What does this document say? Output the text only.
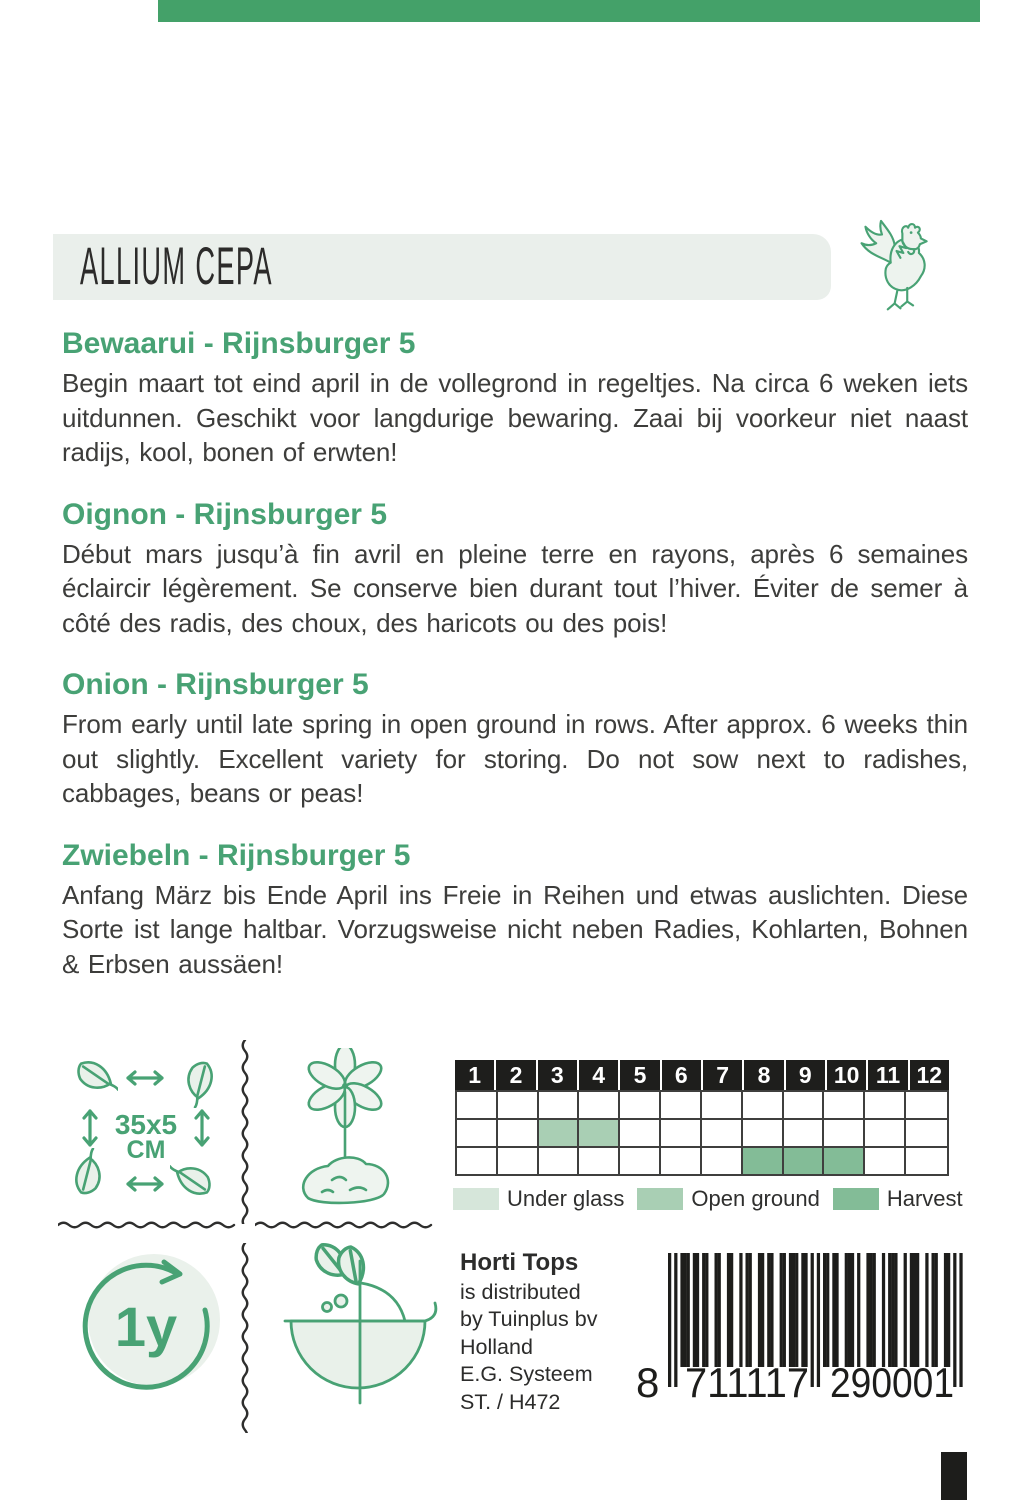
ALLIUM CEPA
Bewaarui - Rijnsburger 5

Begin maart tot eind april in de vollegrond in regeltjes. Na circa 6 weken iets uitdunnen. Geschikt voor langdurige bewaring. Zaai bij voorkeur niet naast radijs, kool, bonen of erwten!

Oignon - Rijnsburger 5

Début mars jusqu’à fin avril en pleine terre en rayons, après 6 semaines éclaircir légèrement. Se conserve bien durant tout l’hiver. Éviter de semer à côté des radis, des choux, des haricots ou des pois!

Onion - Rijnsburger 5

From early until late spring in open ground in rows. After approx. 6 weeks thin out slightly. Excellent variety for storing. Do not sow next to radishes, cabbages, beans or peas!

Zwiebeln - Rijnsburger 5

Anfang März bis Ende April ins Freie in Reihen und etwas auslichten. Diese Sorte ist lange haltbar. Vorzugsweise nicht neben Radies, Kohlarten, Bohnen & Erbsen aussäen!

35x5
CM
1	2	3	4	5	6	7	8	9 10 11 12
Under glass	Open ground	Harvest
1y
Horti Tops
is distributed
by Tuinplus bv
Holland
E.G. Systeem
ST. / H472	8 711117 290001
